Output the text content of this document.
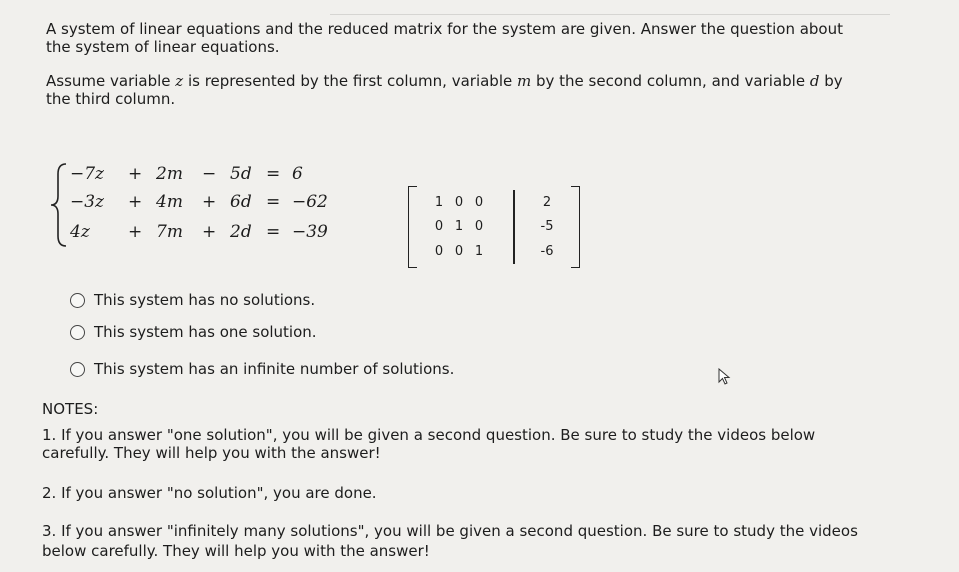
A system of linear equations and the reduced matrix for the system are given. Answer the question about
the system of linear equations.
Assume variable z is represented by the first column, variable m by the second column, and variable d by
the third column.
−7z + 2m − 5d = 6
−3z + 4m + 6d = −62
4z + 7m + 2d = −39
1 0 0	2
0 1 0	-5
0 0 1	-6
This system has no solutions.
This system has one solution.
This system has an infinite number of solutions.
NOTES:
1. If you answer "one solution", you will be given a second question. Be sure to study the videos below
carefully. They will help you with the answer!
2. If you answer "no solution", you are done.
3. If you answer "infinitely many solutions", you will be given a second question. Be sure to study the videos
below carefully. They will help you with the answer!
